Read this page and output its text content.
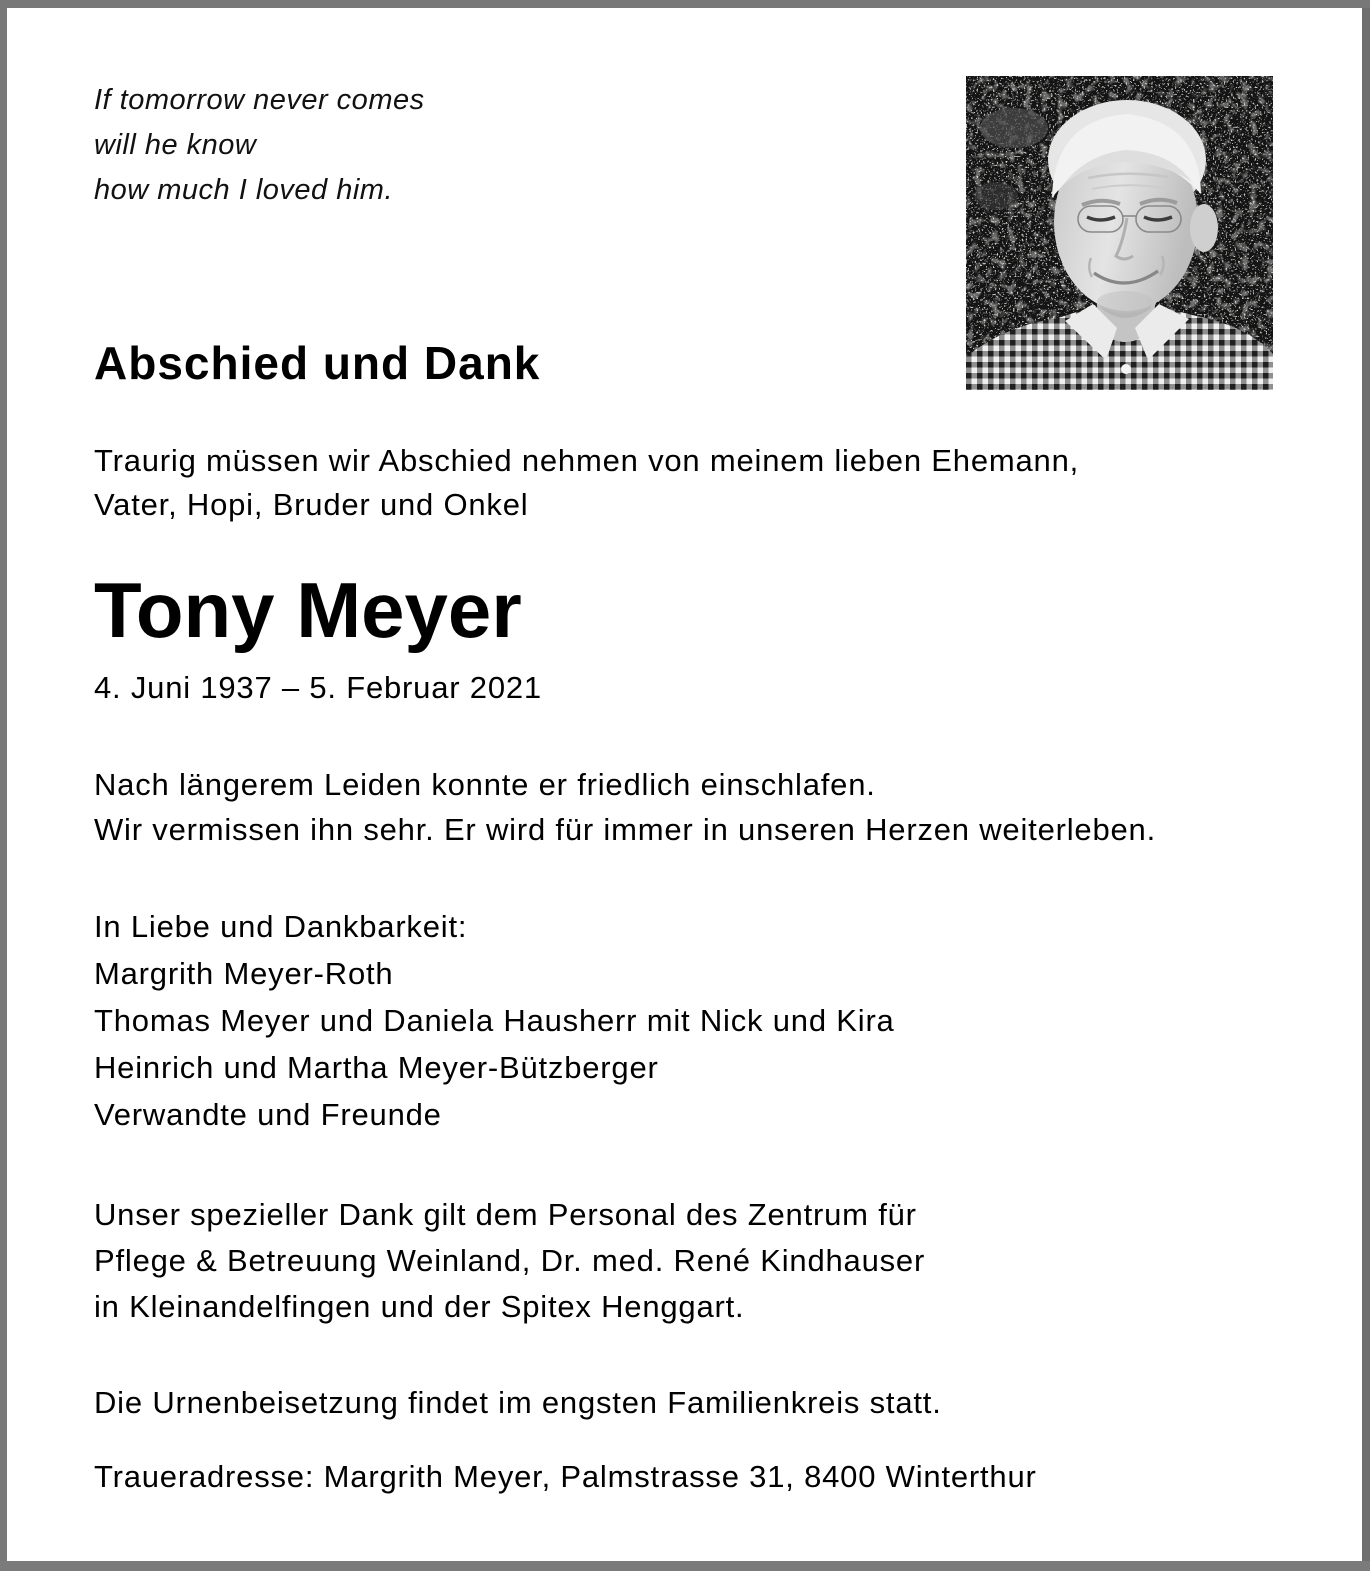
If tomorrow never comes
will he know
how much I loved him.
Abschied und Dank
Traurig müssen wir Abschied nehmen von meinem lieben Ehemann,
Vater, Hopi, Bruder und Onkel
Tony Meyer
4. Juni 1937 – 5. Februar 2021
Nach längerem Leiden konnte er friedlich einschlafen.
Wir vermissen ihn sehr. Er wird für immer in unseren Herzen weiterleben.
In Liebe und Dankbarkeit:
Margrith Meyer-Roth
Thomas Meyer und Daniela Hausherr mit Nick und Kira
Heinrich und Martha Meyer-Bützberger
Verwandte und Freunde
Unser spezieller Dank gilt dem Personal des Zentrum für
Pflege & Betreuung Weinland, Dr. med. René Kindhauser
in Kleinandelfingen und der Spitex Henggart.
Die Urnenbeisetzung findet im engsten Familienkreis statt.
Traueradresse: Margrith Meyer, Palmstrasse 31, 8400 Winterthur
